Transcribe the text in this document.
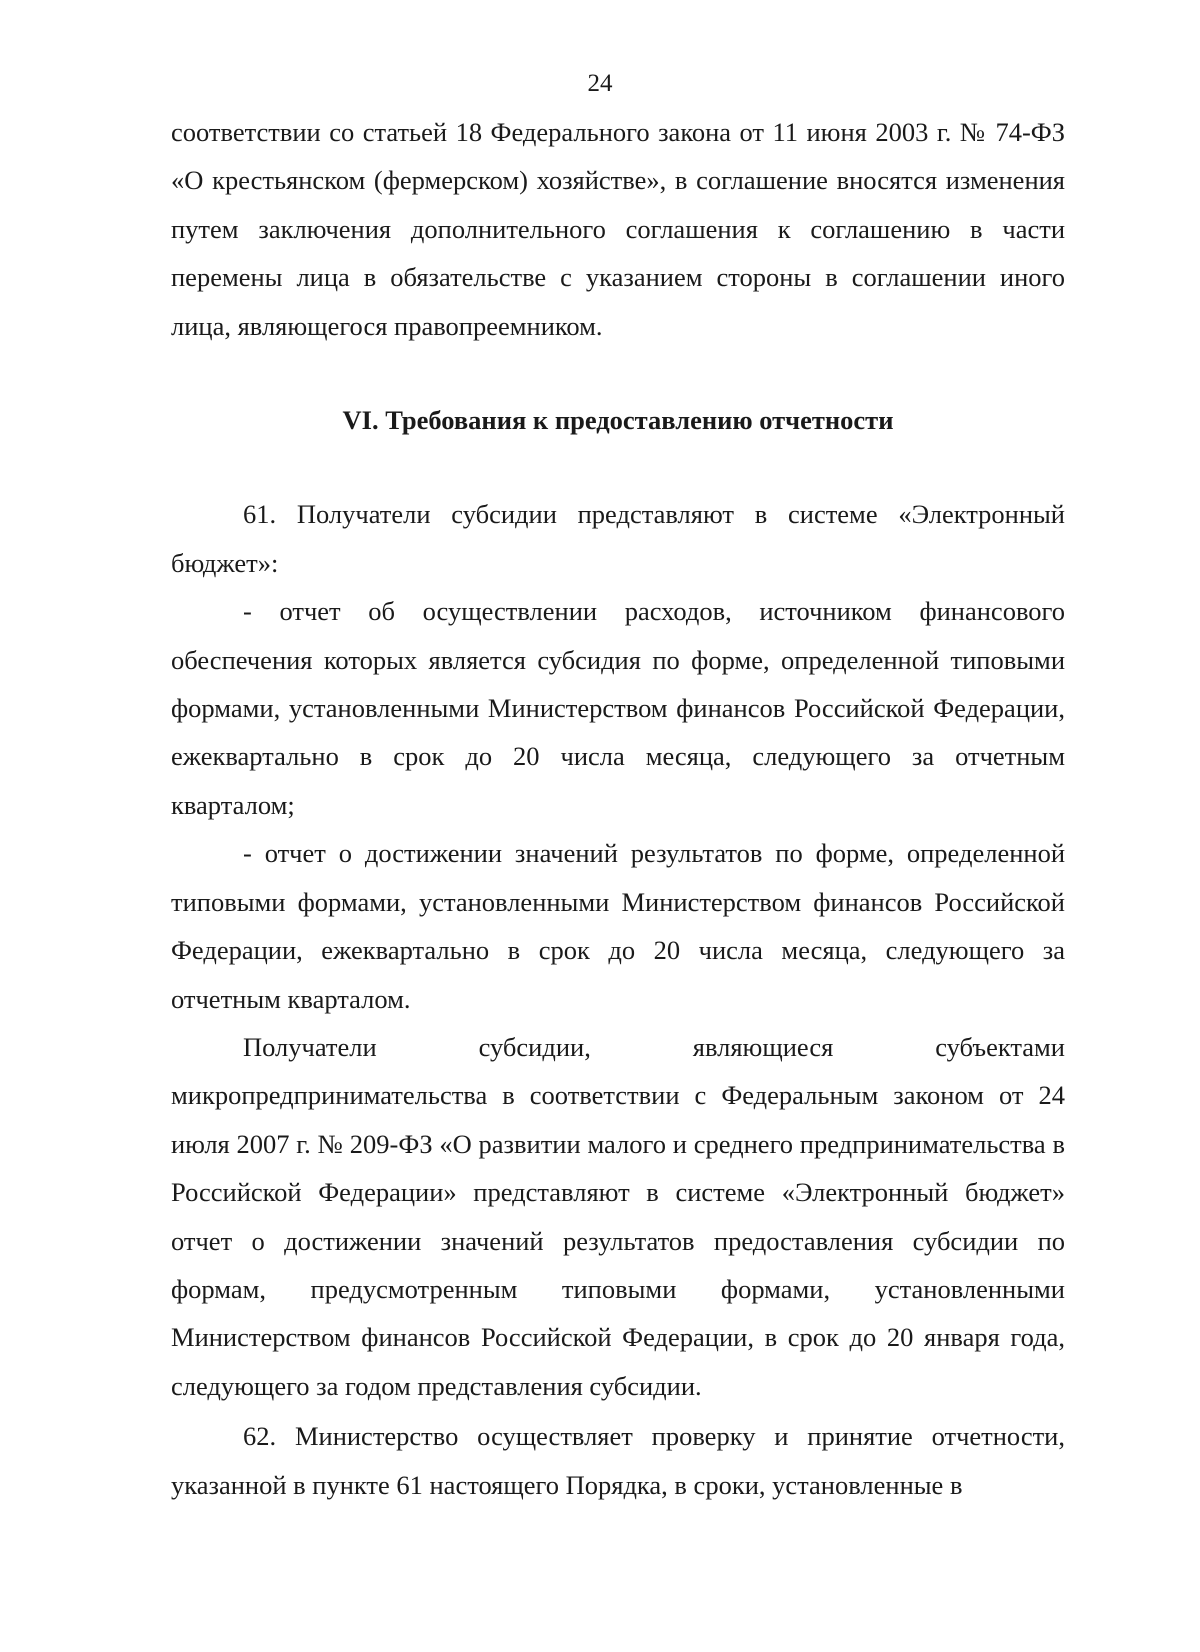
24

соответствии со статьей 18 Федерального закона от 11 июня 2003 г. № 74-ФЗ «О крестьянском (фермерском) хозяйстве», в соглашение вносятся изменения путем заключения дополнительного соглашения к соглашению в части перемены лица в обязательстве с указанием стороны в соглашении иного лица, являющегося правопреемником.

VI. Требования к предоставлению отчетности

61. Получатели субсидии представляют в системе «Электронный бюджет»:

- отчет об осуществлении расходов, источником финансового обеспечения которых является субсидия по форме, определенной типовыми формами, установленными Министерством финансов Российской Федерации, ежеквартально в срок до 20 числа месяца, следующего за отчетным кварталом;

- отчет о достижении значений результатов по форме, определенной типовыми формами, установленными Министерством финансов Российской Федерации, ежеквартально в срок до 20 числа месяца, следующего за отчетным кварталом.

Получатели субсидии, являющиеся субъектами микропредпринимательства в соответствии с Федеральным законом от 24 июля 2007 г. № 209-ФЗ «О развитии малого и среднего предпринимательства в Российской Федерации» представляют в системе «Электронный бюджет» отчет о достижении значений результатов предоставления субсидии по формам, предусмотренным типовыми формами, установленными Министерством финансов Российской Федерации, в срок до 20 января года, следующего за годом представления субсидии.

62. Министерство осуществляет проверку и принятие отчетности, указанной в пункте 61 настоящего Порядка, в сроки, установленные в
